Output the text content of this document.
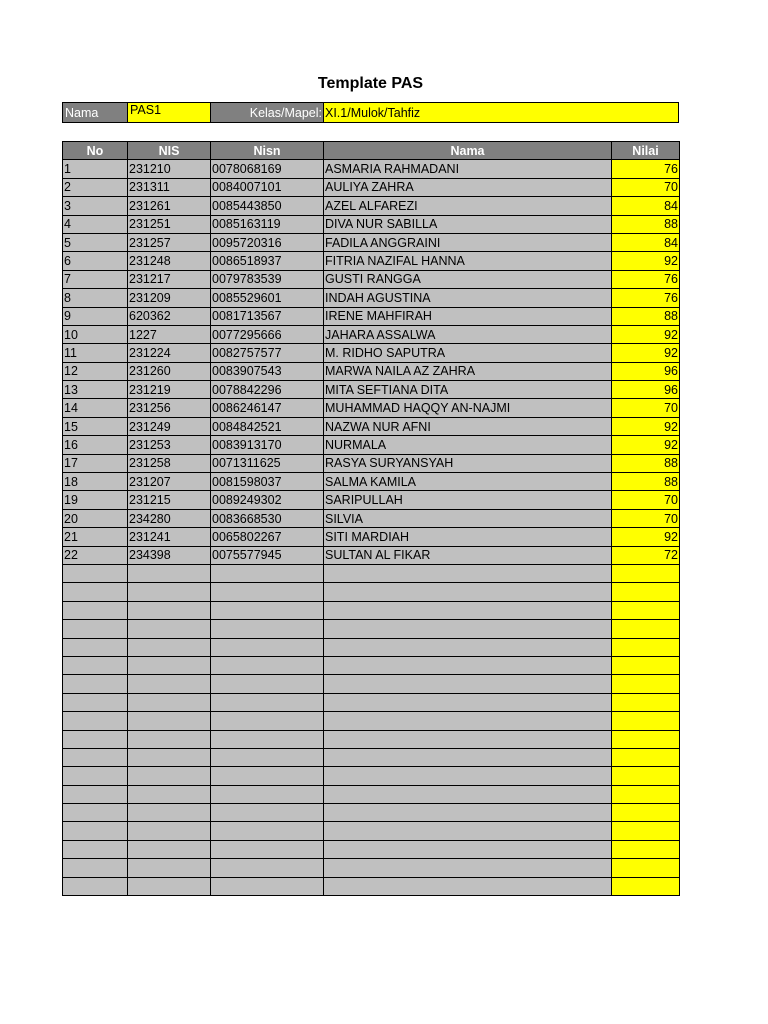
Template PAS
Nama	PAS1	Kelas/Mapel: XI.1/Mulok/Tahfiz
No	NIS	Nisn	Nama	Nilai
1	231210	0078068169	ASMARIA RAHMADANI	76
2	231311	0084007101	AULIYA ZAHRA	70
3	231261	0085443850	AZEL ALFAREZI	84
4	231251	0085163119	DIVA NUR SABILLA	88
5	231257	0095720316	FADILA ANGGRAINI	84
6	231248	0086518937	FITRIA NAZIFAL HANNA	92
7	231217	0079783539	GUSTI RANGGA	76
8	231209	0085529601	INDAH AGUSTINA	76
9	620362	0081713567	IRENE MAHFIRAH	88
10	1227	0077295666	JAHARA ASSALWA	92
11	231224	0082757577	M. RIDHO SAPUTRA	92
12	231260	0083907543	MARWA NAILA AZ ZAHRA	96
13	231219	0078842296	MITA SEFTIANA DITA	96
14	231256	0086246147	MUHAMMAD HAQQY AN-NAJMI	70
15	231249	0084842521	NAZWA NUR AFNI	92
16	231253	0083913170	NURMALA	92
17	231258	0071311625	RASYA SURYANSYAH	88
18	231207	0081598037	SALMA KAMILA	88
19	231215	0089249302	SARIPULLAH	70
20	234280	0083668530	SILVIA	70
21	231241	0065802267	SITI MARDIAH	92
22	234398	0075577945	SULTAN AL FIKAR	72
